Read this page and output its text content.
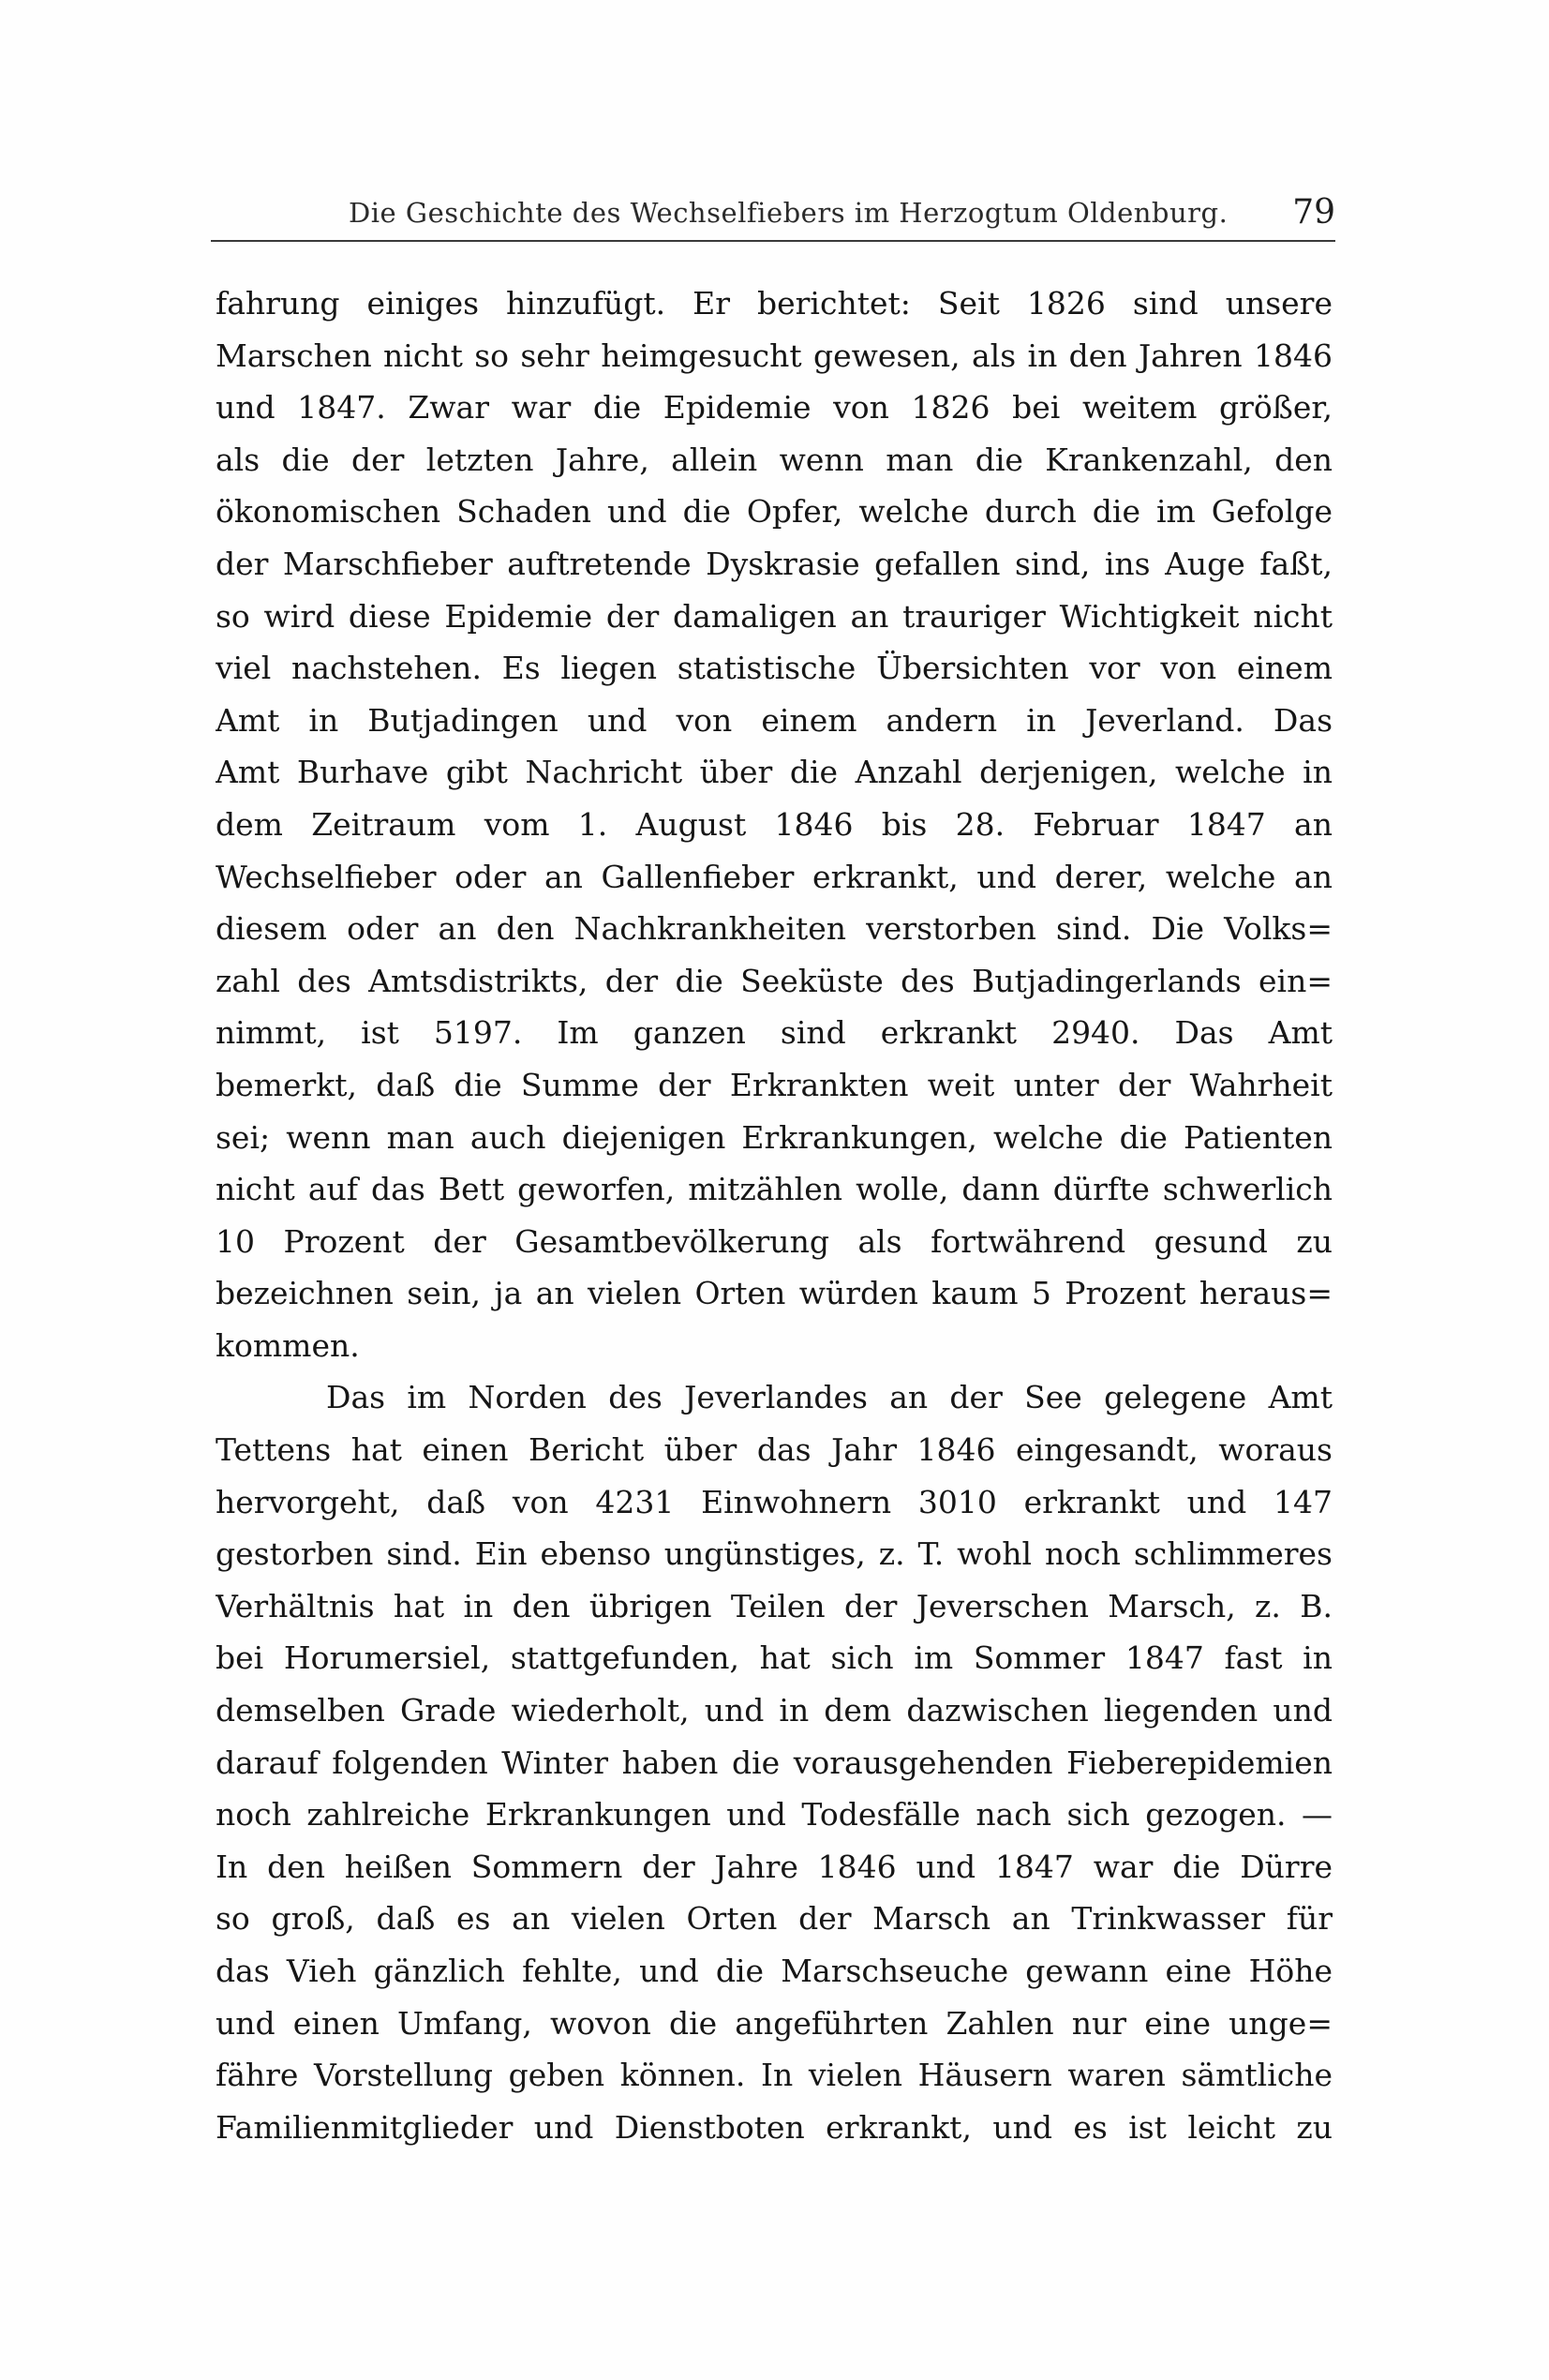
Die Geschichte des Wechselfiebers im Herzogtum Oldenburg. 79
fahrung einiges hinzufügt. Er berichtet: Seit 1826 sind unsere
Marschen nicht so sehr heimgesucht gewesen, als in den Jahren 1846
und 1847. Zwar war die Epidemie von 1826 bei weitem größer,
als die der letzten Jahre, allein wenn man die Krankenzahl, den
ökonomischen Schaden und die Opfer, welche durch die im Gefolge
der Marschfieber auftretende Dyskrasie gefallen sind, ins Auge faßt,
so wird diese Epidemie der damaligen an trauriger Wichtigkeit nicht
viel nachstehen. Es liegen statistische Übersichten vor von einem
Amt in Butjadingen und von einem andern in Jeverland. Das
Amt Burhave gibt Nachricht über die Anzahl derjenigen, welche in
dem Zeitraum vom 1. August 1846 bis 28. Februar 1847 an
Wechselfieber oder an Gallenfieber erkrankt, und derer, welche an
diesem oder an den Nachkrankheiten verstorben sind. Die Volks=
zahl des Amtsdistrikts, der die Seeküste des Butjadingerlands ein=
nimmt, ist 5197. Im ganzen sind erkrankt 2940. Das Amt
bemerkt, daß die Summe der Erkrankten weit unter der Wahrheit
sei; wenn man auch diejenigen Erkrankungen, welche die Patienten
nicht auf das Bett geworfen, mitzählen wolle, dann dürfte schwerlich
10 Prozent der Gesamtbevölkerung als fortwährend gesund zu
bezeichnen sein, ja an vielen Orten würden kaum 5 Prozent heraus=
kommen.
Das im Norden des Jeverlandes an der See gelegene Amt
Tettens hat einen Bericht über das Jahr 1846 eingesandt, woraus
hervorgeht, daß von 4231 Einwohnern 3010 erkrankt und 147
gestorben sind. Ein ebenso ungünstiges, z. T. wohl noch schlimmeres
Verhältnis hat in den übrigen Teilen der Jeverschen Marsch, z. B.
bei Horumersiel, stattgefunden, hat sich im Sommer 1847 fast in
demselben Grade wiederholt, und in dem dazwischen liegenden und
darauf folgenden Winter haben die vorausgehenden Fieberepidemien
noch zahlreiche Erkrankungen und Todesfälle nach sich gezogen. —
In den heißen Sommern der Jahre 1846 und 1847 war die Dürre
so groß, daß es an vielen Orten der Marsch an Trinkwasser für
das Vieh gänzlich fehlte, und die Marschseuche gewann eine Höhe
und einen Umfang, wovon die angeführten Zahlen nur eine unge=
fähre Vorstellung geben können. In vielen Häusern waren sämtliche
Familienmitglieder und Dienstboten erkrankt, und es ist leicht zu
